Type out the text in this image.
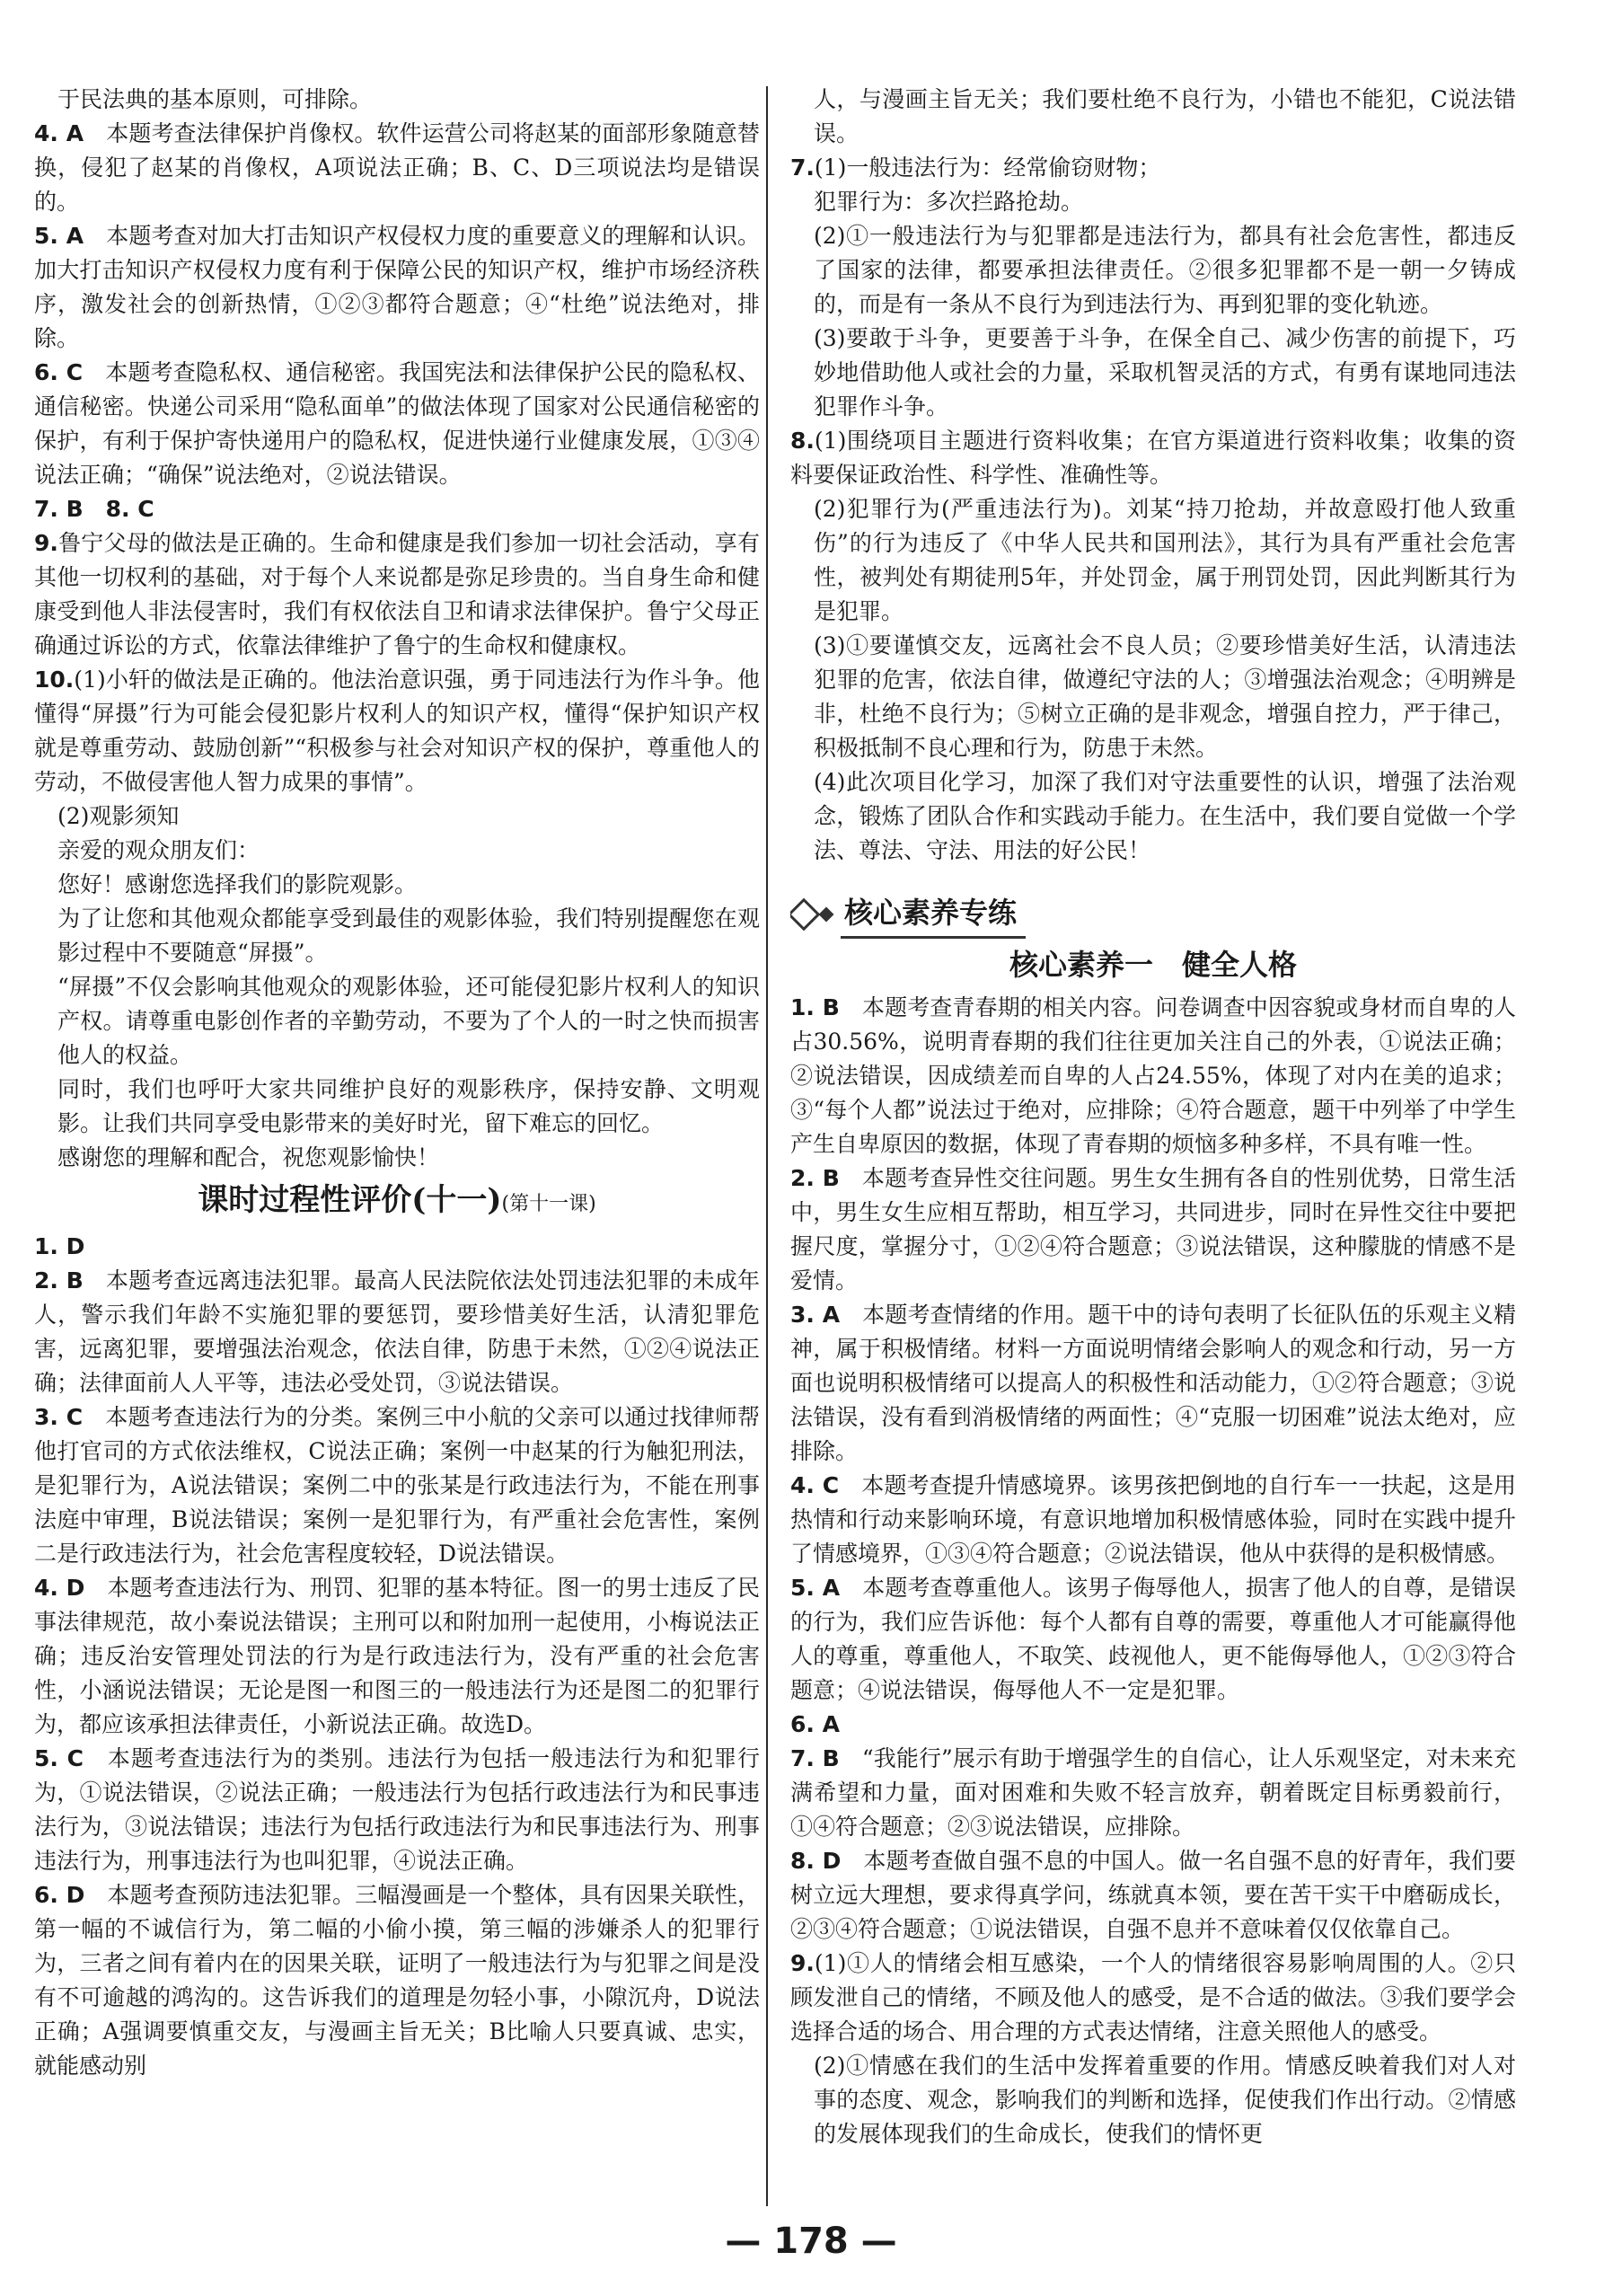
于民法典的基本原则，可排除。

4. A　本题考查法律保护肖像权。软件运营公司将赵某的面部形象随意替换，侵犯了赵某的肖像权，A项说法正确；B、C、D三项说法均是错误的。

5. A　本题考查对加大打击知识产权侵权力度的重要意义的理解和认识。加大打击知识产权侵权力度有利于保障公民的知识产权，维护市场经济秩序，激发社会的创新热情，①②③都符合题意；④“杜绝”说法绝对，排除。

6. C　本题考查隐私权、通信秘密。我国宪法和法律保护公民的隐私权、通信秘密。快递公司采用“隐私面单”的做法体现了国家对公民通信秘密的保护，有利于保护寄快递用户的隐私权，促进快递行业健康发展，①③④说法正确；“确保”说法绝对，②说法错误。

7. B　8. C

9.鲁宁父母的做法是正确的。生命和健康是我们参加一切社会活动，享有其他一切权利的基础，对于每个人来说都是弥足珍贵的。当自身生命和健康受到他人非法侵害时，我们有权依法自卫和请求法律保护。鲁宁父母正确通过诉讼的方式，依靠法律维护了鲁宁的生命权和健康权。

10.(1)小轩的做法是正确的。他法治意识强，勇于同违法行为作斗争。他懂得“屏摄”行为可能会侵犯影片权利人的知识产权，懂得“保护知识产权就是尊重劳动、鼓励创新”“积极参与社会对知识产权的保护，尊重他人的劳动，不做侵害他人智力成果的事情”。

(2)观影须知

亲爱的观众朋友们：

您好！感谢您选择我们的影院观影。

为了让您和其他观众都能享受到最佳的观影体验，我们特别提醒您在观影过程中不要随意“屏摄”。

“屏摄”不仅会影响其他观众的观影体验，还可能侵犯影片权利人的知识产权。请尊重电影创作者的辛勤劳动，不要为了个人的一时之快而损害他人的权益。

同时，我们也呼吁大家共同维护良好的观影秩序，保持安静、文明观影。让我们共同享受电影带来的美好时光，留下难忘的回忆。

感谢您的理解和配合，祝您观影愉快！

课时过程性评价(十一)(第十一课)

1. D

2. B　本题考查远离违法犯罪。最高人民法院依法处罚违法犯罪的未成年人，警示我们年龄不实施犯罪的要惩罚，要珍惜美好生活，认清犯罪危害，远离犯罪，要增强法治观念，依法自律，防患于未然，①②④说法正确；法律面前人人平等，违法必受处罚，③说法错误。

3. C　本题考查违法行为的分类。案例三中小航的父亲可以通过找律师帮他打官司的方式依法维权，C说法正确；案例一中赵某的行为触犯刑法，是犯罪行为，A说法错误；案例二中的张某是行政违法行为，不能在刑事法庭中审理，B说法错误；案例一是犯罪行为，有严重社会危害性，案例二是行政违法行为，社会危害程度较轻，D说法错误。

4. D　本题考查违法行为、刑罚、犯罪的基本特征。图一的男士违反了民事法律规范，故小秦说法错误；主刑可以和附加刑一起使用，小梅说法正确；违反治安管理处罚法的行为是行政违法行为，没有严重的社会危害性，小涵说法错误；无论是图一和图三的一般违法行为还是图二的犯罪行为，都应该承担法律责任，小新说法正确。故选D。

5. C　本题考查违法行为的类别。违法行为包括一般违法行为和犯罪行为，①说法错误，②说法正确；一般违法行为包括行政违法行为和民事违法行为，③说法错误；违法行为包括行政违法行为和民事违法行为、刑事违法行为，刑事违法行为也叫犯罪，④说法正确。

6. D　本题考查预防违法犯罪。三幅漫画是一个整体，具有因果关联性，第一幅的不诚信行为，第二幅的小偷小摸，第三幅的涉嫌杀人的犯罪行为，三者之间有着内在的因果关联，证明了一般违法行为与犯罪之间是没有不可逾越的鸿沟的。这告诉我们的道理是勿轻小事，小隙沉舟，D说法正确；A强调要慎重交友，与漫画主旨无关；B比喻人只要真诚、忠实，就能感动别

人，与漫画主旨无关；我们要杜绝不良行为，小错也不能犯，C说法错误。

7.(1)一般违法行为：经常偷窃财物；

犯罪行为：多次拦路抢劫。

(2)①一般违法行为与犯罪都是违法行为，都具有社会危害性，都违反了国家的法律，都要承担法律责任。②很多犯罪都不是一朝一夕铸成的，而是有一条从不良行为到违法行为、再到犯罪的变化轨迹。

(3)要敢于斗争，更要善于斗争，在保全自己、减少伤害的前提下，巧妙地借助他人或社会的力量，采取机智灵活的方式，有勇有谋地同违法犯罪作斗争。

8.(1)围绕项目主题进行资料收集；在官方渠道进行资料收集；收集的资料要保证政治性、科学性、准确性等。

(2)犯罪行为(严重违法行为)。刘某“持刀抢劫，并故意殴打他人致重伤”的行为违反了《中华人民共和国刑法》，其行为具有严重社会危害性，被判处有期徒刑5年，并处罚金，属于刑罚处罚，因此判断其行为是犯罪。

(3)①要谨慎交友，远离社会不良人员；②要珍惜美好生活，认清违法犯罪的危害，依法自律，做遵纪守法的人；③增强法治观念；④明辨是非，杜绝不良行为；⑤树立正确的是非观念，增强自控力，严于律己，积极抵制不良心理和行为，防患于未然。

(4)此次项目化学习，加深了我们对守法重要性的认识，增强了法治观念，锻炼了团队合作和实践动手能力。在生活中，我们要自觉做一个学法、尊法、守法、用法的好公民！

核心素养专练
核心素养一　健全人格

1. B　本题考查青春期的相关内容。问卷调查中因容貌或身材而自卑的人占30.56%，说明青春期的我们往往更加关注自己的外表，①说法正确；②说法错误，因成绩差而自卑的人占24.55%，体现了对内在美的追求；③“每个人都”说法过于绝对，应排除；④符合题意，题干中列举了中学生产生自卑原因的数据，体现了青春期的烦恼多种多样，不具有唯一性。

2. B　本题考查异性交往问题。男生女生拥有各自的性别优势，日常生活中，男生女生应相互帮助，相互学习，共同进步，同时在异性交往中要把握尺度，掌握分寸，①②④符合题意；③说法错误，这种朦胧的情感不是爱情。

3. A　本题考查情绪的作用。题干中的诗句表明了长征队伍的乐观主义精神，属于积极情绪。材料一方面说明情绪会影响人的观念和行动，另一方面也说明积极情绪可以提高人的积极性和活动能力，①②符合题意；③说法错误，没有看到消极情绪的两面性；④“克服一切困难”说法太绝对，应排除。

4. C　本题考查提升情感境界。该男孩把倒地的自行车一一扶起，这是用热情和行动来影响环境，有意识地增加积极情感体验，同时在实践中提升了情感境界，①③④符合题意；②说法错误，他从中获得的是积极情感。

5. A　本题考查尊重他人。该男子侮辱他人，损害了他人的自尊，是错误的行为，我们应告诉他：每个人都有自尊的需要，尊重他人才可能赢得他人的尊重，尊重他人，不取笑、歧视他人，更不能侮辱他人，①②③符合题意；④说法错误，侮辱他人不一定是犯罪。

6. A

7. B　“我能行”展示有助于增强学生的自信心，让人乐观坚定，对未来充满希望和力量，面对困难和失败不轻言放弃，朝着既定目标勇毅前行，①④符合题意；②③说法错误，应排除。

8. D　本题考查做自强不息的中国人。做一名自强不息的好青年，我们要树立远大理想，要求得真学问，练就真本领，要在苦干实干中磨砺成长，②③④符合题意；①说法错误，自强不息并不意味着仅仅依靠自己。

9.(1)①人的情绪会相互感染，一个人的情绪很容易影响周围的人。②只顾发泄自己的情绪，不顾及他人的感受，是不合适的做法。③我们要学会选择合适的场合、用合理的方式表达情绪，注意关照他人的感受。

(2)①情感在我们的生活中发挥着重要的作用。情感反映着我们对人对事的态度、观念，影响我们的判断和选择，促使我们作出行动。②情感的发展体现我们的生命成长，使我们的情怀更

— 178 —
